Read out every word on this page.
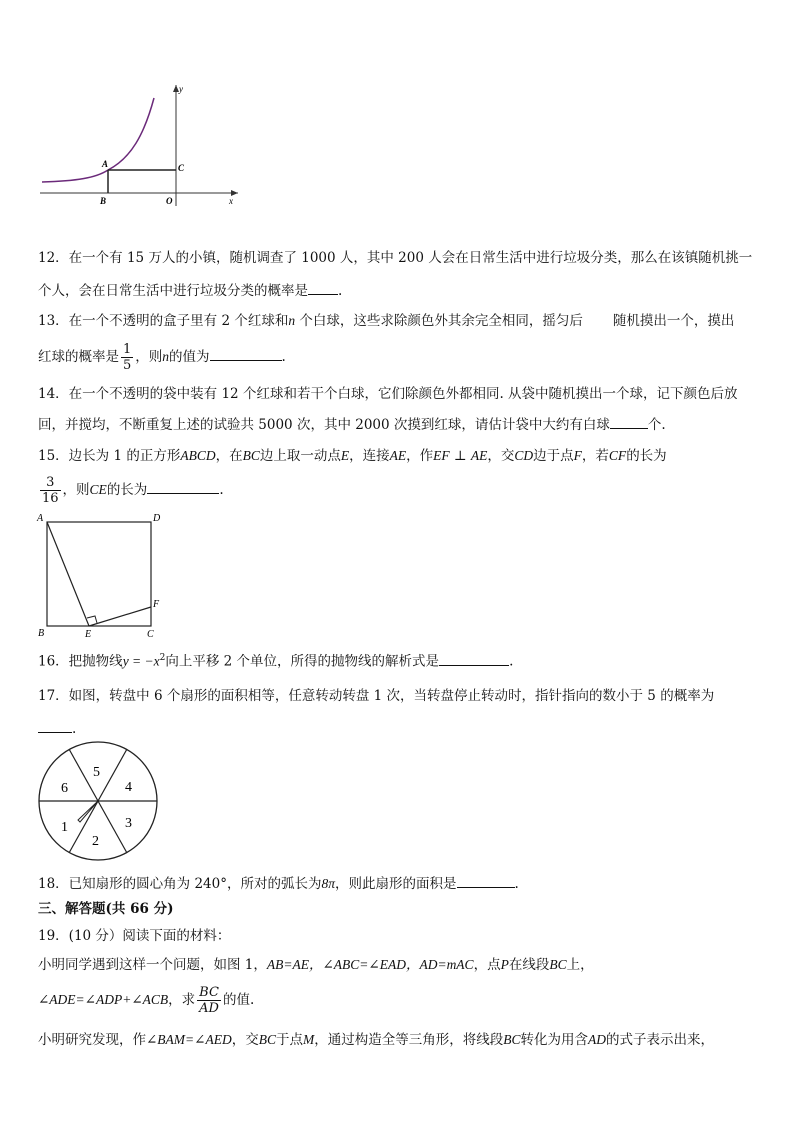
y
x
A
B
C
O
12．在一个有 15 万人的小镇，随机调查了 1000 人，其中 200 人会在日常生活中进行垃圾分类，那么在该镇随机挑一
个人，会在日常生活中进行垃圾分类的概率是 .
13．在一个不透明的盒子里有 2 个红球和n 个白球，这些求除颜色外其余完全相同，摇匀后 随机摸出一个，摸出
红球的概率是 $\frac{1}{5}$ ，则n的值为	.
14．在一个不透明的袋中装有 12 个红球和若干个白球，它们除颜色外都相同. 从袋中随机摸出一个球，记下颜色后放
回，并搅均，不断重复上述的试验共 5000 次，其中 2000 次摸到红球，请估计袋中大约有白球	个.
15．边长为 1 的正方形ABCD，在BC边上取一动点E，连接AE，作EF ⊥ AE，交CD边于点F，若CF的长为
$\frac{3}{16}$ ，则CE的长为	.
A	D
B	E	C
F
16．把抛物线$y = -x^2$向上平移 2 个单位，所得的抛物线的解析式是	.
17．如图，转盘中 6 个扇形的面积相等，任意转动转盘 1 次，当转盘停止转动时，指针指向的数小于 5 的概率为
.
5
4
3
2
1
6
18．已知扇形的圆心角为 240°，所对的弧长为8π，则此扇形的面积是	.
三、解答题(共 66 分)
19．(10 分）阅读下面的材料：
小明同学遇到这样一个问题，如图 1，AB=AE，∠ABC=∠EAD，AD=mAC，点P在线段BC上，
∠ADE=∠ADP+∠ACB，求 $\frac{BC}{AD}$ 的值.
小明研究发现，作∠BAM=∠AED，交BC于点M，通过构造全等三角形，将线段BC转化为用含AD的式子表示出来，
